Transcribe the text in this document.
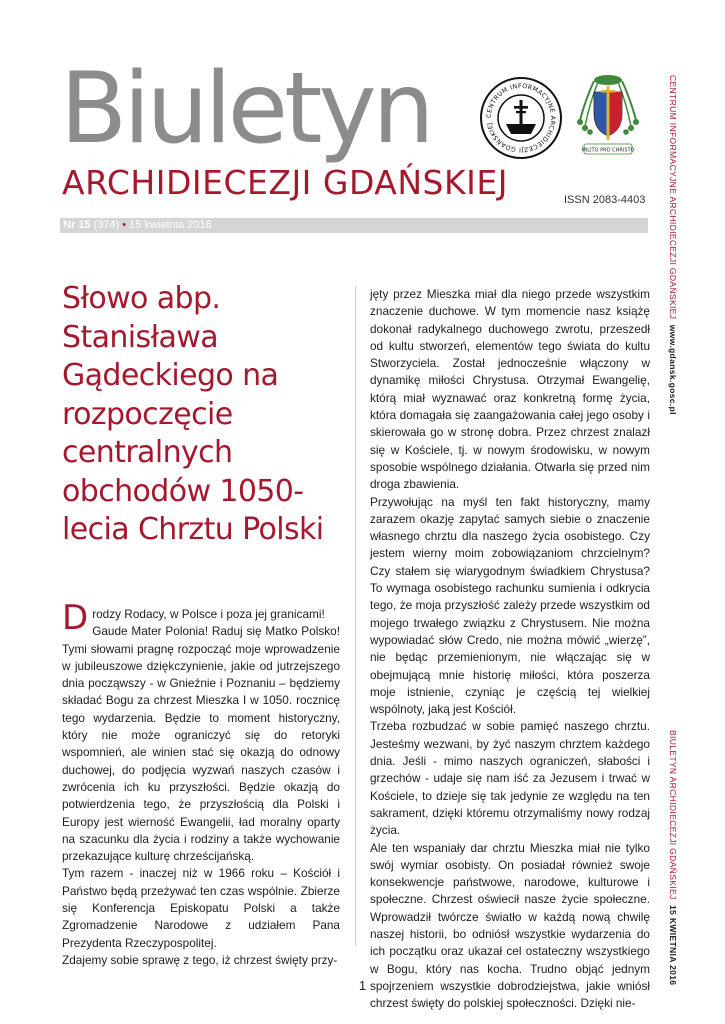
Biuletyn
ARCHIDIECEZJI GDAŃSKIEJ	ISSN 2083-4403
CENTRUM INFORMACYJNE ARCHIDIECEZJI GDAŃSKIEJ
MILITO PRO CHRISTO
Nr 15 (374) • 15 kwietnia 2016	CENTRUM INFORMACYJNE ARCHIDIECEZJI GDAŃSKIEJ  www.gdansk.gosc.pl
BIULETYN ARCHIDIECEZJI GDAŃSKIEJ  15 KWIETNIA 2016
Słowo abp. Stanisława Gądeckiego na rozpoczęcie centralnych obchodów 1050-lecia Chrztu Polski

Drodzy Rodacy, w Polsce i poza jej granicami!

Gaude Mater Polonia! Raduj się Matko Polsko! Tymi słowami pragnę rozpocząć moje wprowadzenie w jubileuszowe dziękczynienie, jakie od jutrzejszego dnia począwszy - w Gnieźnie i Poznaniu – będziemy składać Bogu za chrzest Mieszka I w 1050. rocznicę tego wydarzenia. Będzie to moment historyczny, który nie może ograniczyć się do retoryki wspomnień, ale winien stać się okazją do odnowy duchowej, do podjęcia wyzwań naszych czasów i zwrócenia ich ku przyszłości. Będzie okazją do potwierdzenia tego, że przyszłością dla Polski i Europy jest wierność Ewangelii, ład moralny oparty na szacunku dla życia i rodziny a także wychowanie przekazujące kulturę chrześcijańską.

Tym razem - inaczej niż w 1966 roku – Kościół i Państwo będą przeżywać ten czas wspólnie. Zbierze się Konferencja Episkopatu Polski a także Zgromadzenie Narodowe z udziałem Pana Prezydenta Rzeczypospolitej.

Zdajemy sobie sprawę z tego, iż chrzest święty przy-

jęty przez Mieszka miał dla niego przede wszystkim znaczenie duchowe. W tym momencie nasz książę dokonał radykalnego duchowego zwrotu, przeszedł od kultu stworzeń, elementów tego świata do kultu Stworzyciela. Został jednocześnie włączony w dynamikę miłości Chrystusa. Otrzymał Ewangelię, którą miał wyznawać oraz konkretną formę życia, która domagała się zaangażowania całej jego osoby i skierowała go w stronę dobra. Przez chrzest znalazł się w Kościele, tj. w nowym środowisku, w nowym sposobie wspólnego działania. Otwarła się przed nim droga zbawienia.

Przywołując na myśl ten fakt historyczny, mamy zarazem okazję zapytać samych siebie o znaczenie własnego chrztu dla naszego życia osobistego. Czy jestem wierny moim zobowiązaniom chrzcielnym? Czy stałem się wiarygodnym świadkiem Chrystusa? To wymaga osobistego rachunku sumienia i odkrycia tego, że moja przyszłość zależy przede wszystkim od mojego trwałego związku z Chrystusem. Nie można wypowiadać słów Credo, nie można mówić „wierzę”, nie będąc przemienionym, nie włączając się w obejmującą mnie historię miłości, która poszerza moje istnienie, czyniąc je częścią tej wielkiej wspólnoty, jaką jest Kościół.

Trzeba rozbudzać w sobie pamięć naszego chrztu. Jesteśmy wezwani, by żyć naszym chrztem każdego dnia. Jeśli - mimo naszych ograniczeń, słabości i grzechów - udaje się nam iść za Jezusem i trwać w Kościele, to dzieje się tak jedynie ze względu na ten sakrament, dzięki któremu otrzymaliśmy nowy rodzaj życia.

Ale ten wspaniały dar chrztu Mieszka miał nie tylko swój wymiar osobisty. On posiadał również swoje konsekwencje państwowe, narodowe, kulturowe i społeczne. Chrzest oświecił nasze życie społeczne. Wprowadził twórcze światło w każdą nową chwilę naszej historii, bo odniósł wszystkie wydarzenia do ich początku oraz ukazał cel ostateczny wszystkiego w Bogu, który nas kocha. Trudno objąć jednym spojrzeniem wszystkie dobrodziejstwa, jakie wniósł chrzest święty do polskiej społeczności. Dzięki nie-

1
